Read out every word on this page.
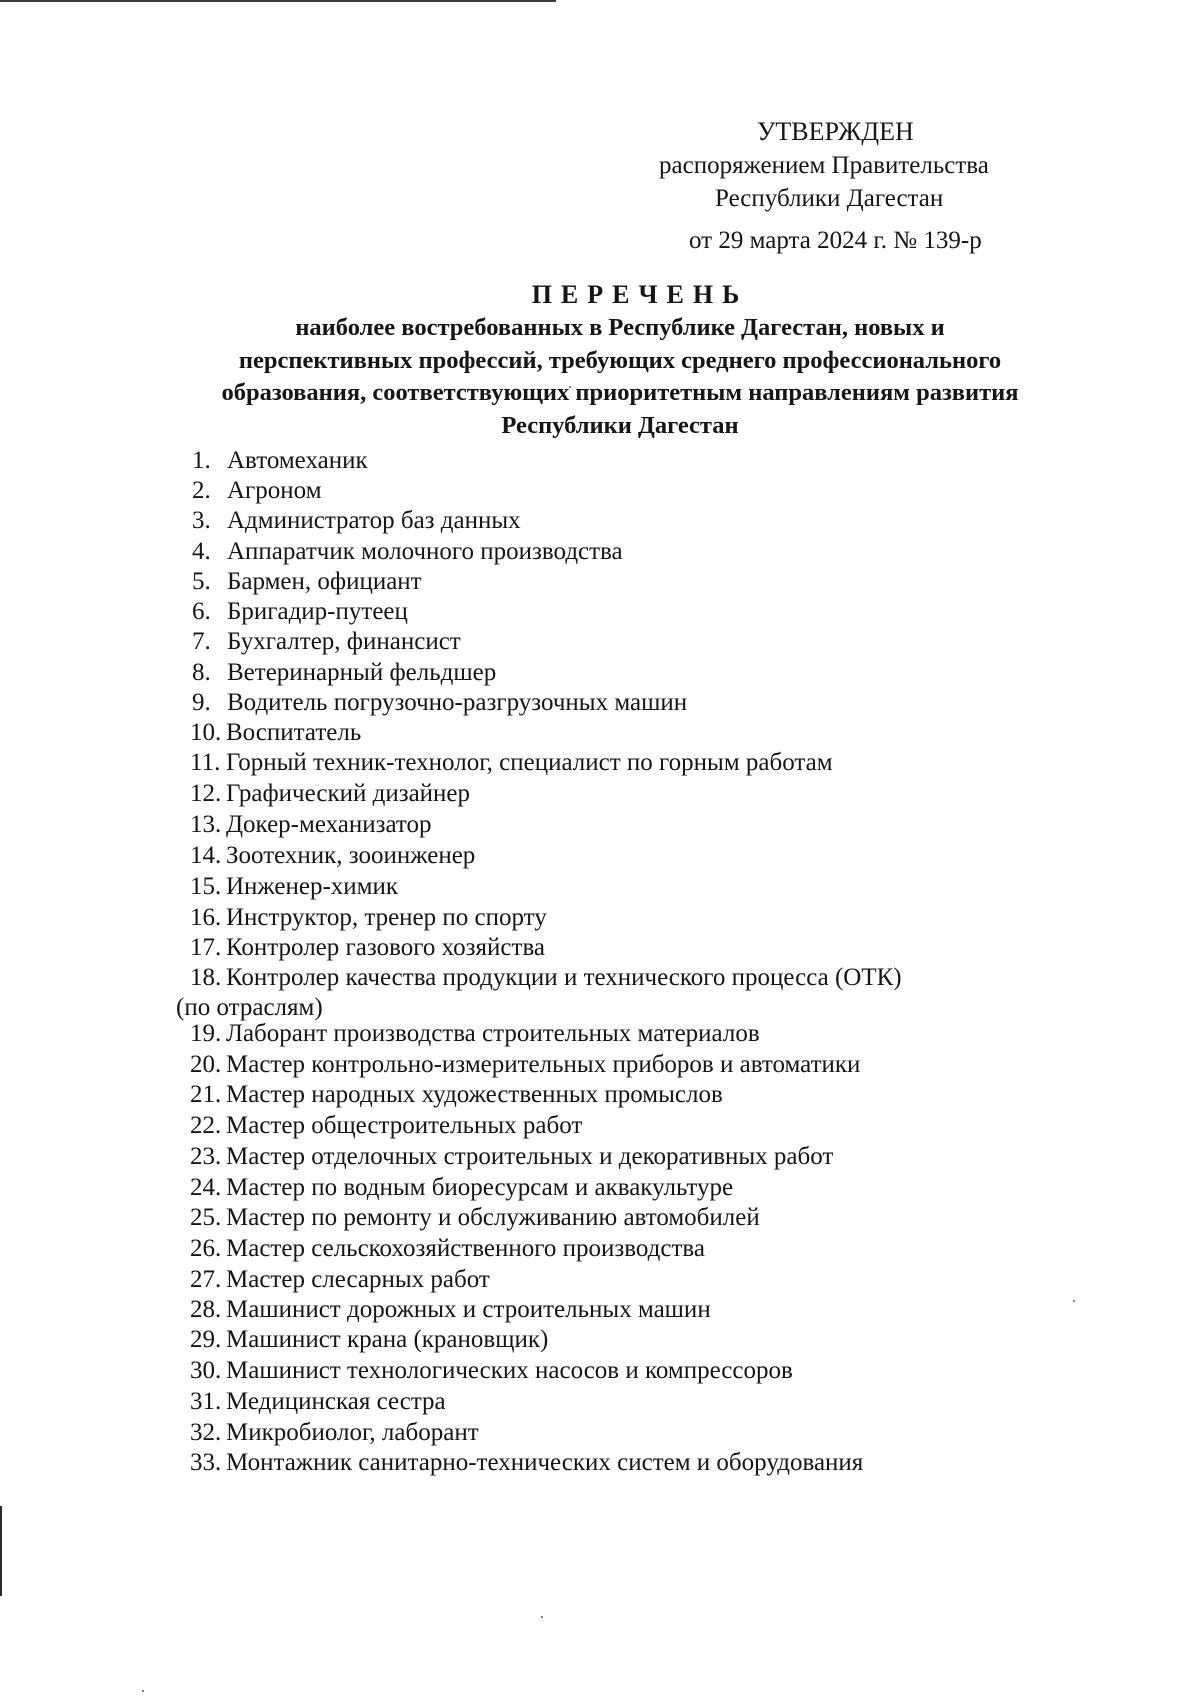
УТВЕРЖДЕН
распоряжением Правительства
Республики Дагестан
от 29 марта 2024 г. № 139-р
ПЕРЕЧЕНЬ
наиболее востребованных в Республике Дагестан, новых и
перспективных профессий, требующих среднего профессионального
образования, соответствующих приоритетным направлениям развития
Республики Дагестан
1. Автомеханик
2. Агроном
3. Администратор баз данных
4. Аппаратчик молочного производства
5. Бармен, официант
6. Бригадир-путеец
7. Бухгалтер, финансист
8. Ветеринарный фельдшер
9. Водитель погрузочно-разгрузочных машин
10. Воспитатель
11. Горный техник-технолог, специалист по горным работам
12. Графический дизайнер
13. Докер-механизатор
14. Зоотехник, зооинженер
15. Инженер-химик
16. Инструктор, тренер по спорту
17. Контролер газового хозяйства
18. Контролер качества продукции и технического процесса (ОТК)
(по отраслям)
19. Лаборант производства строительных материалов
20. Мастер контрольно-измерительных приборов и автоматики
21. Мастер народных художественных промыслов
22. Мастер общестроительных работ
23. Мастер отделочных строительных и декоративных работ
24. Мастер по водным биоресурсам и аквакультуре
25. Мастер по ремонту и обслуживанию автомобилей
26. Мастер сельскохозяйственного производства
27. Мастер слесарных работ
28. Машинист дорожных и строительных машин
29. Машинист крана (крановщик)
30. Машинист технологических насосов и компрессоров
31. Медицинская сестра
32. Микробиолог, лаборант
33. Монтажник санитарно-технических систем и оборудования
